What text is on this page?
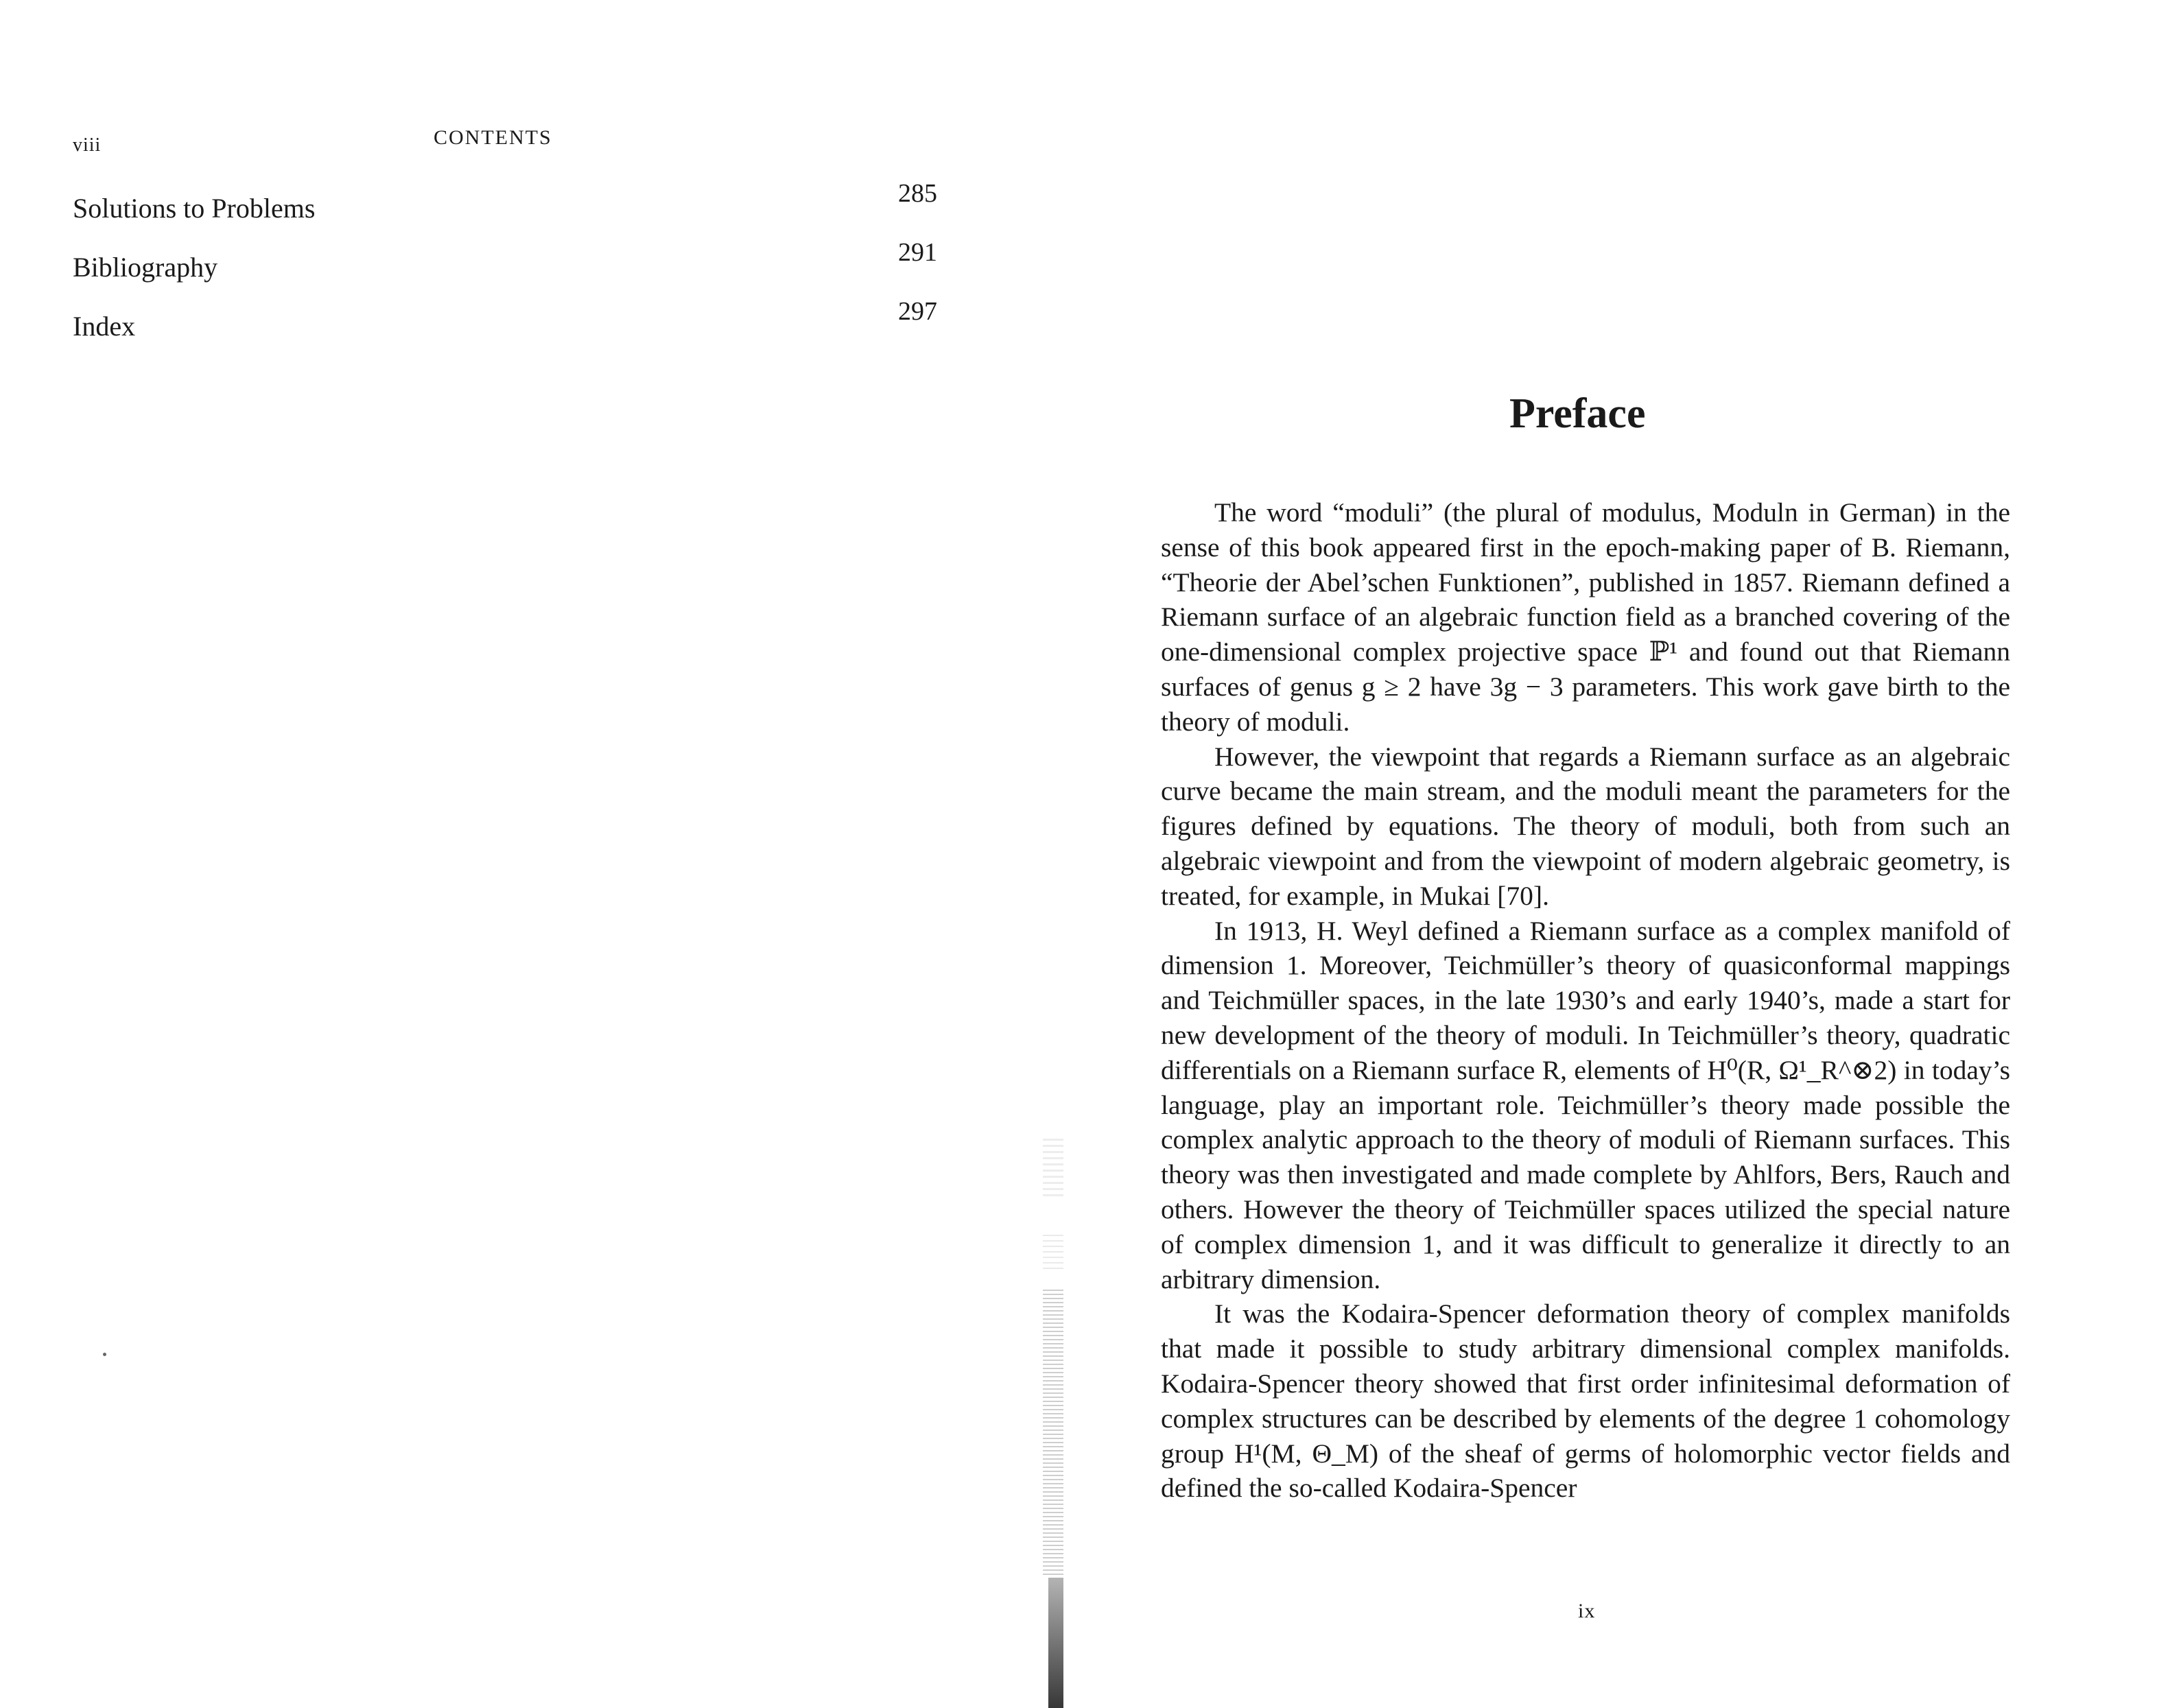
viii	CONTENTS
Solutions to Problems	285
Bibliography	291
Index	297
Preface

The word “moduli” (the plural of modulus, Moduln in German) in the sense of this book appeared first in the epoch-making paper of B. Riemann, “Theorie der Abel’schen Funktionen”, published in 1857. Riemann defined a Riemann surface of an algebraic function field as a branched covering of the one-dimensional complex projective space ℙ¹ and found out that Riemann surfaces of genus g ≥ 2 have 3g − 3 parameters. This work gave birth to the theory of moduli.

However, the viewpoint that regards a Riemann surface as an algebraic curve became the main stream, and the moduli meant the parameters for the figures defined by equations. The theory of moduli, both from such an algebraic viewpoint and from the viewpoint of modern algebraic geometry, is treated, for example, in Mukai [70].

In 1913, H. Weyl defined a Riemann surface as a complex manifold of dimension 1. Moreover, Teichmüller’s theory of quasiconformal mappings and Teichmüller spaces, in the late 1930’s and early 1940’s, made a start for new development of the theory of moduli. In Teichmüller’s theory, quadratic differentials on a Riemann surface R, elements of H⁰(R, Ω¹_R^⊗2) in today’s language, play an important role. Teichmüller’s theory made possible the complex analytic approach to the theory of moduli of Riemann surfaces. This theory was then investigated and made complete by Ahlfors, Bers, Rauch and others. However the theory of Teichmüller spaces utilized the special nature of complex dimension 1, and it was difficult to generalize it directly to an arbitrary dimension.

It was the Kodaira-Spencer deformation theory of complex manifolds that made it possible to study arbitrary dimensional complex manifolds. Kodaira-Spencer theory showed that first order infinitesimal deformation of complex structures can be described by elements of the degree 1 cohomology group H¹(M, Θ_M) of the sheaf of germs of holomorphic vector fields and defined the so-called Kodaira-Spencer

ix
